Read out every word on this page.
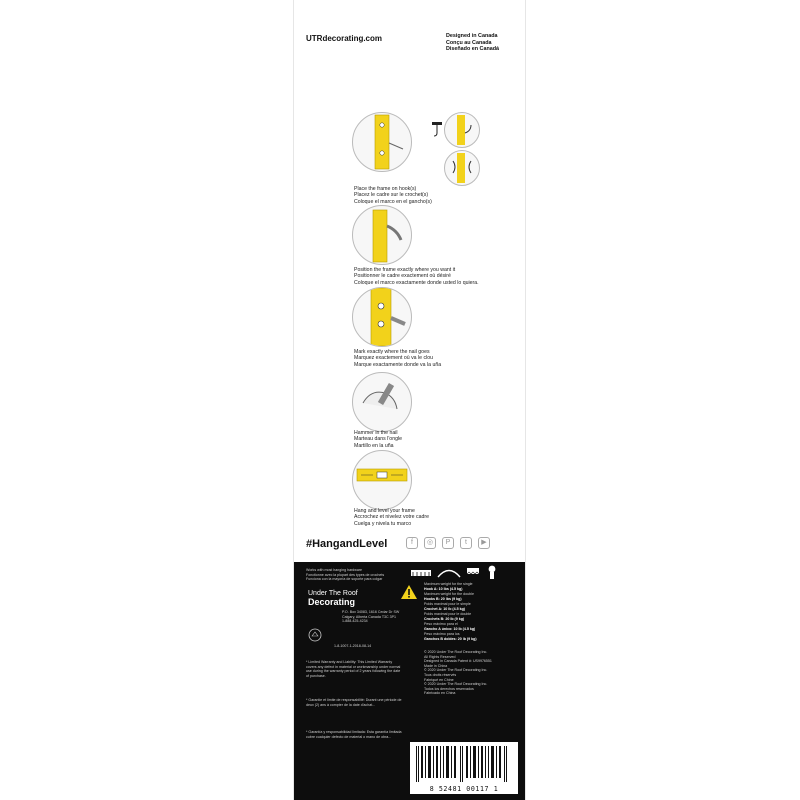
UTRdecorating.com	Designed in Canada
Conçu au Canada
Diseñado en Canadá
Place the frame on hook(s)
Placez le cadre sur le crochet(s)
Coloque el marco en el gancho(s)
Position the frame exactly where you want it
Positionner le cadre exactement où désiré
Coloque el marco exactamente donde usted lo quiera.
Mark exactly where the nail goes
Marquez exactement où va le clou
Marque exactamente donde va la uña
Hammer in the nail
Marteau dans l'ongle
Martillo en la uña
Hang and level your frame
Accrochez et nivelez votre cadre
Cuelga y nivela tu marco
#HangandLevel	f	◎	P	t	▶
Works with most hanging hardware
Fonctionne avec la plupart des types de crochets
Funciona con la mayoría de soporte para colgar
Under The Roof
Decorating
P.O. Box 34083, 1616 Cedar Dr SW
Calgary, Alberta Canada T3C 3P1
1-888-425-4234
1-8-1007-1-2018-08-14
* Limited Warranty and Liability: This Limited Warranty covers any defect in material or workmanship under normal use during the warranty period of 2 years following the date of purchase.
* Garantie et limite de responsabilité: Durant une période de deux (2) ans à compter de la date d'achat...
* Garantía y responsabilidad limitada: Esta garantía limitada cubre cualquier defecto de material o mano de obra...
Maximum weight for the single
Hook A: 10 lbs (4.5 kg)
Maximum weight for the double
Hooks B: 20 lbs (9 kg)
Poids maximal pour le simple
Crochet A: 10 lb (4.5 kg)
Poids maximal pour le double
Crochets B: 20 lb (9 kg)
Peso máximo para el
Gancho A único: 10 lb (4.5 kg)
Peso máximo para los
Ganchos B dobles: 20 lb (9 kg)
© 2020 Under The Roof Decorating Inc.
All Rights Reserved
Designed in Canada Patent #: US9976551
Made in China
© 2020 Under The Roof Decorating Inc.
Tous droits réservés
Fabriqué en Chine
© 2020 Under The Roof Decorating Inc.
Todos los derechos reservados
Fabricado en China
8 52481 00117 1
